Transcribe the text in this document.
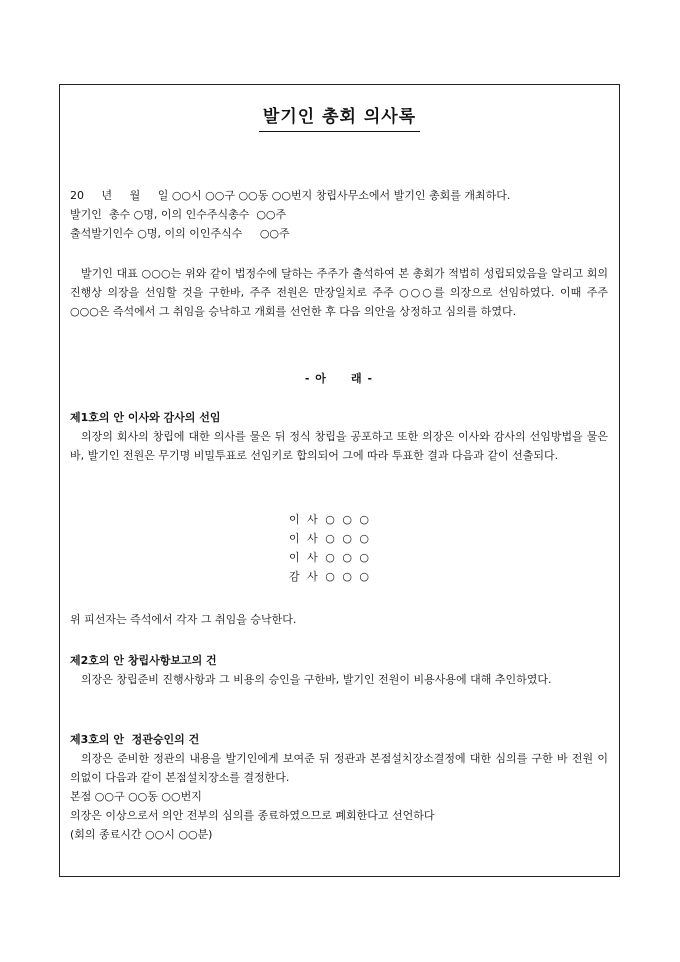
발기인 총회 의사록

20     년     월     일 ○○시 ○○구 ○○동 ○○번지 창립사무소에서 발기인 총회를 개최하다.

발기인  총수 ○명, 이의 인수주식총수  ○○주

출석발기인수 ○명, 이의 이인주식수     ○○주

발기인 대표 ○○○는 위와 같이 법정수에 달하는 주주가 출석하여 본 총회가 적법히 성립되었음을 알리고 회의진행상 의장을 선임할 것을 구한바, 주주 전원은 만장일치로 주주 ○○○를 의장으로 선임하였다. 이때 주주 ○○○은 즉석에서 그 취임을 승낙하고 개회를 선언한 후 다음 의안을 상정하고 심의를 하였다.

- 아     래 -

제1호의 안 이사와 감사의 선임

의장의 회사의 창립에 대한 의사를 물은 뒤 정식 창립을 공포하고 또한 의장은 이사와 감사의 선임방법을 물은바, 발기인 전원은 무기명 비밀투표로 선임키로 합의되어 그에 따라 투표한 결과 다음과 같이 선출되다.

이 사 ○ ○ ○

이 사 ○ ○ ○

이 사 ○ ○ ○

감 사 ○ ○ ○

위 피선자는 즉석에서 각자 그 취임을 승낙한다.

제2호의 안 창립사항보고의 건

의장은 창립준비 진행사항과 그 비용의 승인을 구한바, 발기인 전원이 비용사용에 대해 추인하였다.

제3호의 안  정관승인의 건

의장은 준비한 정관의 내용을 발기인에게 보여준 뒤 정관과 본점설치장소결정에 대한 심의를 구한 바 전원 이의없이 다음과 같이 본점설치장소를 결정한다.

본점 ○○구 ○○동 ○○번지

의장은 이상으로서 의안 전부의 심의를 종료하였으므로 폐회한다고 선언하다

(회의 종료시간 ○○시 ○○분)
